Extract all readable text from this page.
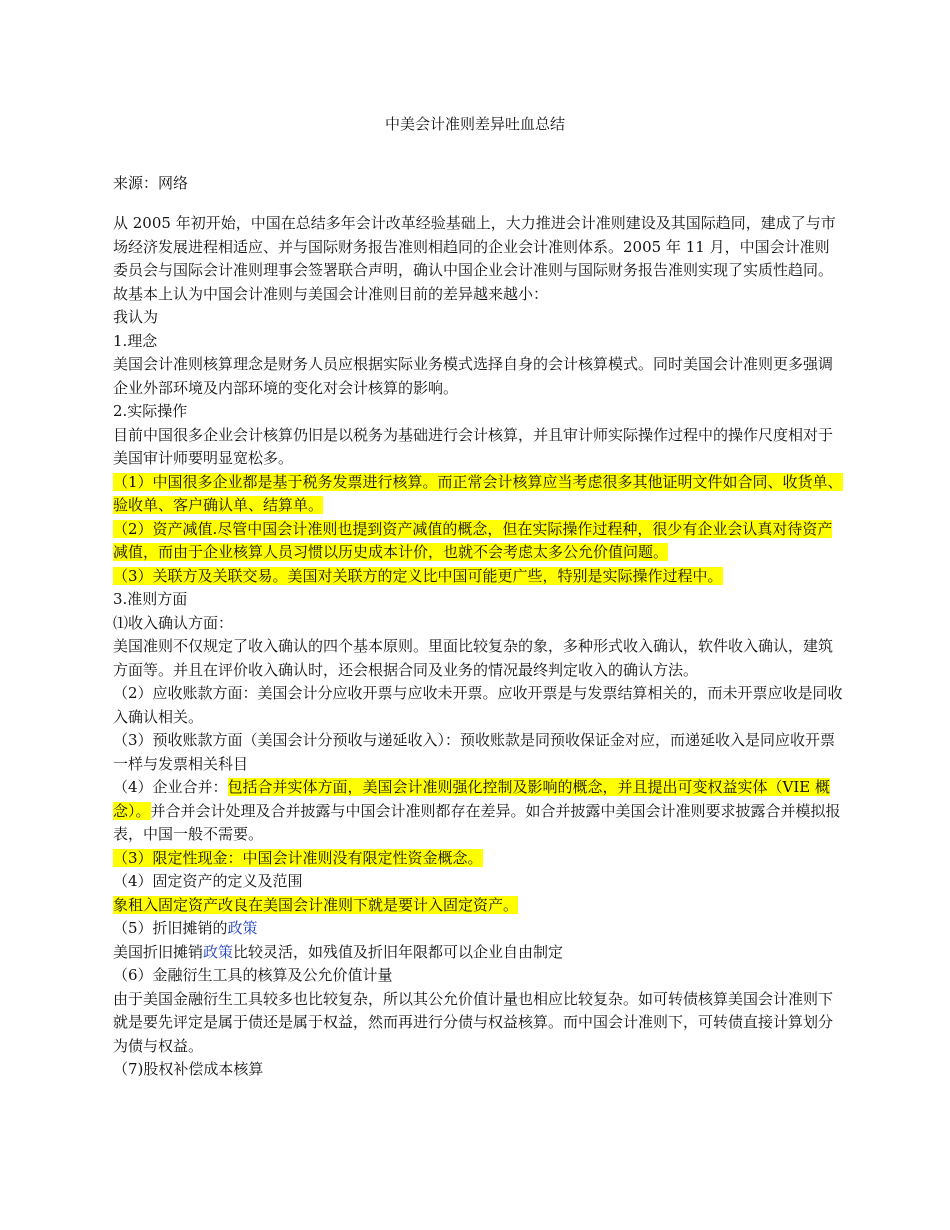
中美会计准则差异吐血总结
来源：网络

从 2005 年初开始，中国在总结多年会计改革经验基础上，大力推进会计准则建设及其国际趋同，建成了与市场经济发展进程相适应、并与国际财务报告准则相趋同的企业会计准则体系。2005 年 11 月，中国会计准则委员会与国际会计准则理事会签署联合声明，确认中国企业会计准则与国际财务报告准则实现了实质性趋同。故基本上认为中国会计准则与美国会计准则目前的差异越来越小：

我认为

1.理念

美国会计准则核算理念是财务人员应根据实际业务模式选择自身的会计核算模式。同时美国会计准则更多强调企业外部环境及内部环境的变化对会计核算的影响。

2.实际操作

目前中国很多企业会计核算仍旧是以税务为基础进行会计核算，并且审计师实际操作过程中的操作尺度相对于美国审计师要明显宽松多。

（1）中国很多企业都是基于税务发票进行核算。而正常会计核算应当考虑很多其他证明文件如合同、收货单、验收单、客户确认单、结算单。

（2）资产减值.尽管中国会计准则也提到资产减值的概念，但在实际操作过程种，很少有企业会认真对待资产减值，而由于企业核算人员习惯以历史成本计价，也就不会考虑太多公允价值问题。

（3）关联方及关联交易。美国对关联方的定义比中国可能更广些，特别是实际操作过程中。

3.准则方面

⑴收入确认方面：

美国准则不仅规定了收入确认的四个基本原则。里面比较复杂的象，多种形式收入确认，软件收入确认，建筑方面等。并且在评价收入确认时，还会根据合同及业务的情况最终判定收入的确认方法。

（2）应收账款方面：美国会计分应收开票与应收未开票。应收开票是与发票结算相关的，而未开票应收是同收入确认相关。

（3）预收账款方面（美国会计分预收与递延收入）：预收账款是同预收保证金对应，而递延收入是同应收开票一样与发票相关科目

（4）企业合并：包括合并实体方面，美国会计准则强化控制及影响的概念，并且提出可变权益实体（VIE 概念）。并合并会计处理及合并披露与中国会计准则都存在差异。如合并披露中美国会计准则要求披露合并模拟报表，中国一般不需要。

（3）限定性现金：中国会计准则没有限定性资金概念。

（4）固定资产的定义及范围

象租入固定资产改良在美国会计准则下就是要计入固定资产。

（5）折旧摊销的政策

美国折旧摊销政策比较灵活，如残值及折旧年限都可以企业自由制定

（6）金融衍生工具的核算及公允价值计量

由于美国金融衍生工具较多也比较复杂，所以其公允价值计量也相应比较复杂。如可转债核算美国会计准则下就是要先评定是属于债还是属于权益，然而再进行分债与权益核算。而中国会计准则下，可转债直接计算划分为债与权益。

（7)股权补偿成本核算
